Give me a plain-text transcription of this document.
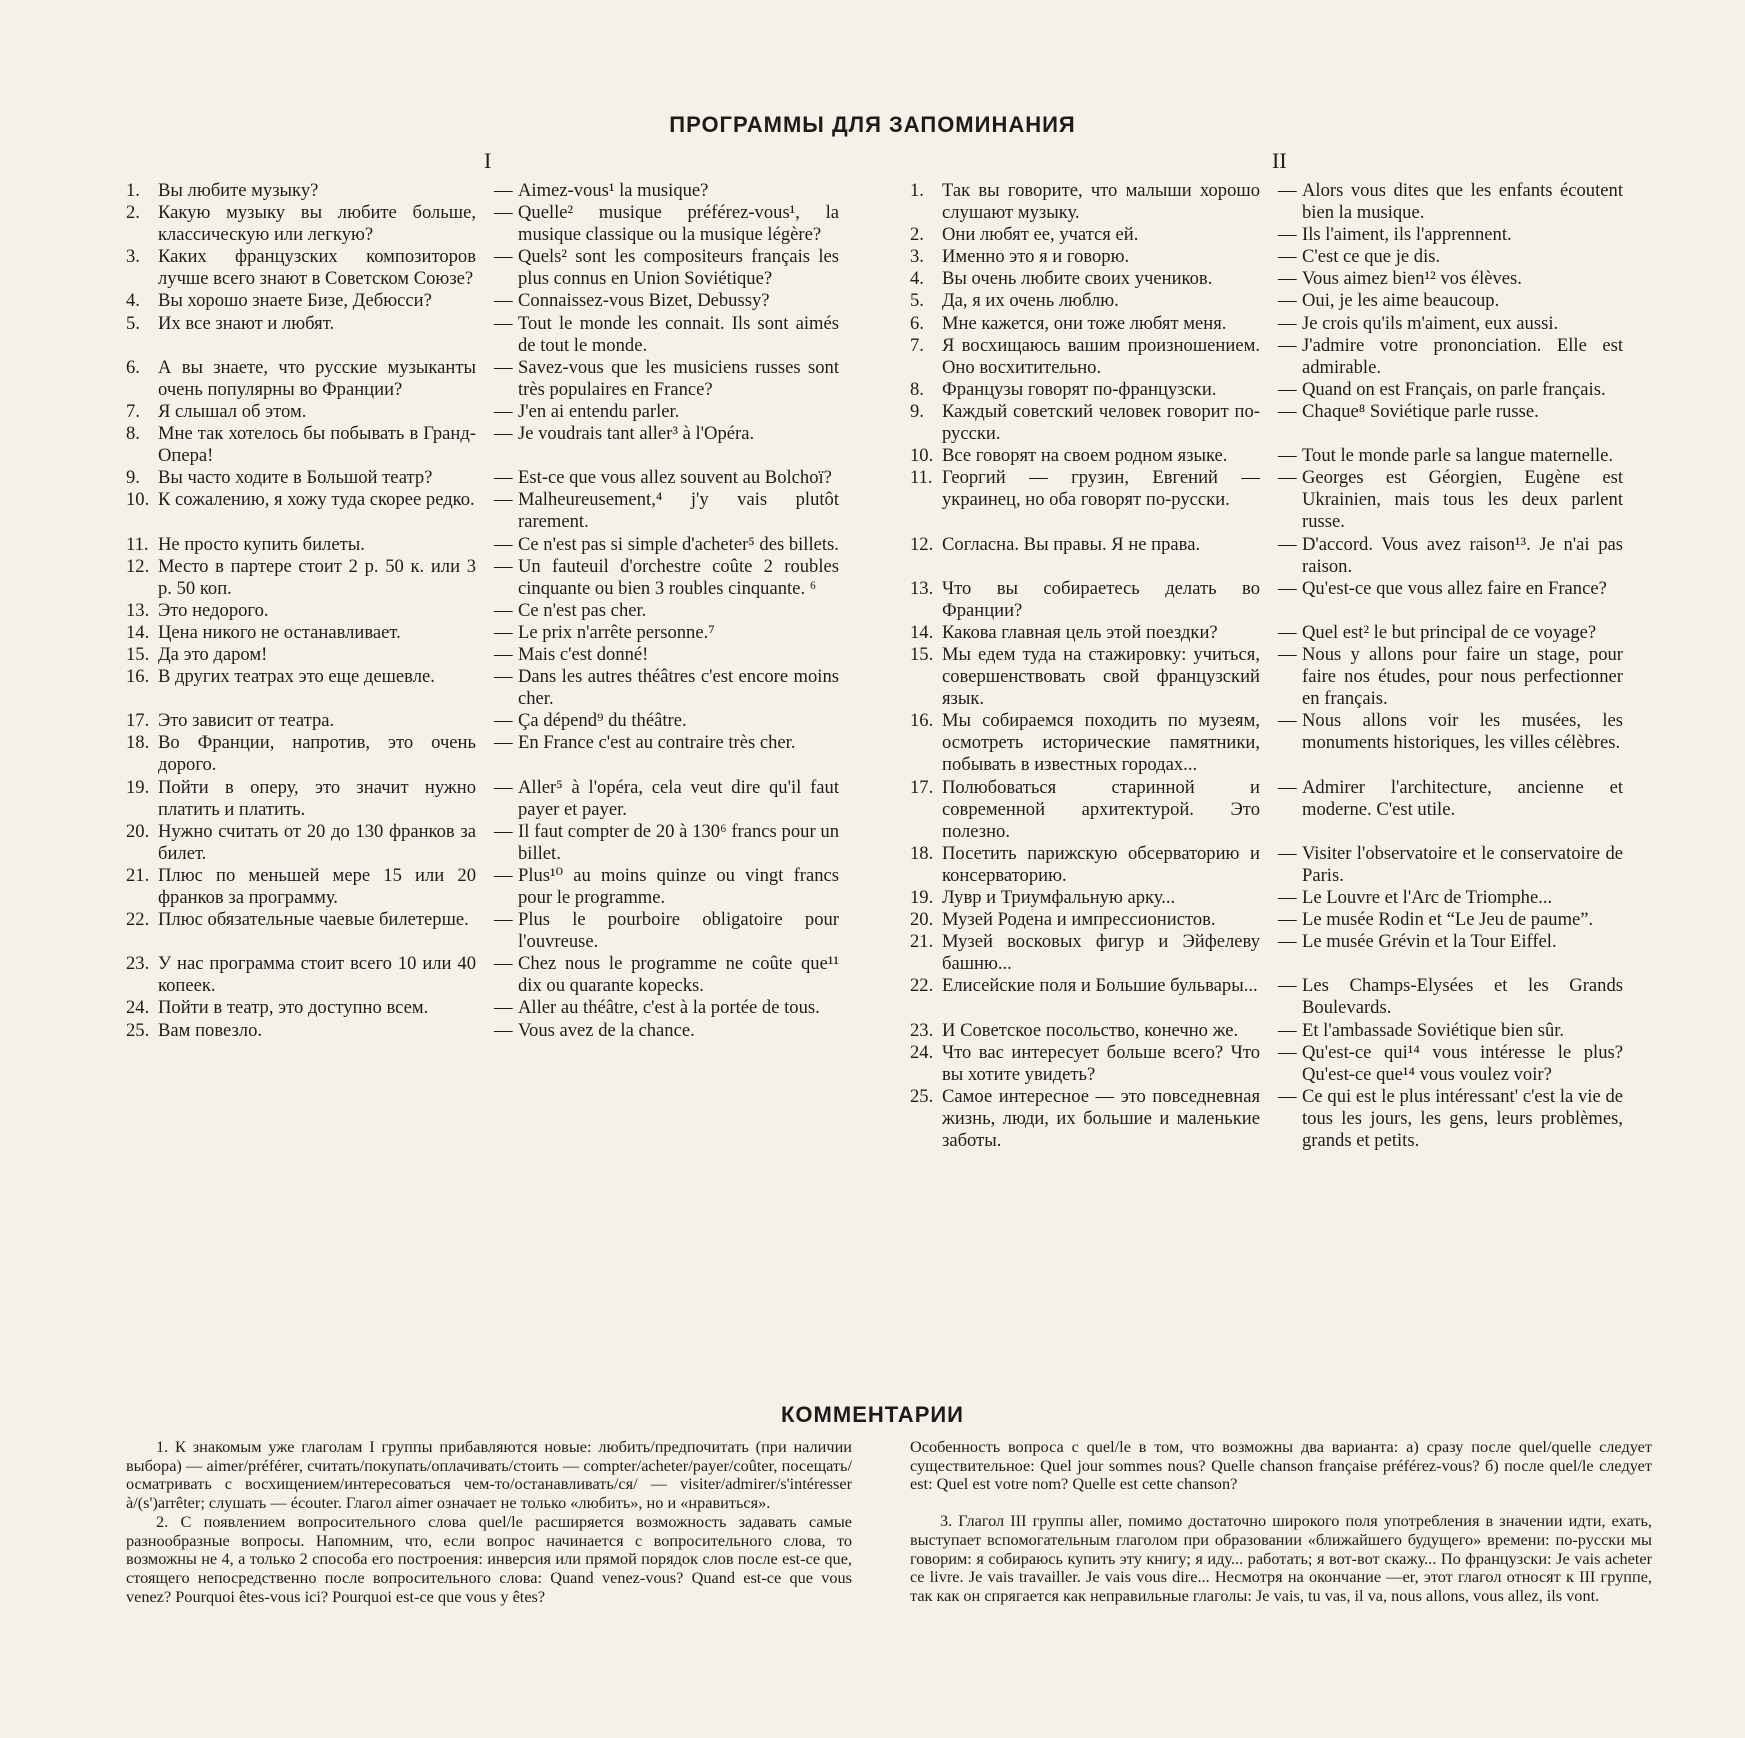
ПРОГРАММЫ ДЛЯ ЗАПОМИНАНИЯ
I	II
1. Вы любите музыку?	— Aimez-vous¹ la musique?
2. Какую музыку вы любите больше, классическую или легкую?
— Quelle² musique préférez-vous¹, la musique classique ou la musique légère?
3. Каких французских композиторов лучше всего знают в Советском Союзе?
— Quels² sont les compositeurs français les plus connus en Union Soviétique?
4. Вы хорошо знаете Бизе, Дебюсси?	— Connaissez-vous Bizet, Debussy?
5. Их все знают и любят.	— Tout le monde les connait. Ils sont aimés de tout le monde.
6. А вы знаете, что русские музыканты очень популярны во Франции?
— Savez-vous que les musiciens russes sont très populaires en France?
7. Я слышал об этом.	— J'en ai entendu parler.
8. Мне так хотелось бы побывать в Гранд-Опера!
— Je voudrais tant aller³ à l'Opéra.
9. Вы часто ходите в Большой театр?	— Est-ce que vous allez souvent au Bolchoï?
10. К сожалению, я хожу туда скорее редко.	— Malheureusement,⁴ j'y vais plutôt rarement.
11. Не просто купить билеты.	— Ce n'est pas si simple d'acheter⁵ des billets.
12. Место в партере стоит 2 р. 50 к. или 3 р. 50 коп.
— Un fauteuil d'orchestre coûte 2 roubles cinquante ou bien 3 roubles cinquante. ⁶
13. Это недорого.	— Ce n'est pas cher.
14. Цена никого не останавливает.	— Le prix n'arrête personne.⁷
15. Да это даром!	— Mais c'est donné!
16. В других театрах это еще дешевле.	— Dans les autres théâtres c'est encore moins cher.
17. Это зависит от театра.	— Ça dépend⁹ du théâtre.
18. Во Франции, напротив, это очень дорого.
— En France c'est au contraire très cher.
19. Пойти в оперу, это значит нужно платить и платить.
— Aller⁵ à l'opéra, cela veut dire qu'il faut payer et payer.
20. Нужно считать от 20 до 130 франков за билет.
— Il faut compter de 20 à 130⁶ francs pour un billet.
21. Плюс по меньшей мере 15 или 20 франков за программу.
— Plus¹⁰ au moins quinze ou vingt francs pour le programme.
22. Плюс обязательные чаевые билетерше.	— Plus le pourboire obligatoire pour l'ouvreuse.
23. У нас программа стоит всего 10 или 40 копеек.
— Chez nous le programme ne coûte que¹¹ dix ou quarante kopecks.
24. Пойти в театр, это доступно всем.	— Aller au théâtre, c'est à la portée de tous.
25. Вам повезло.	— Vous avez de la chance.
1. Так вы говорите, что малыши хорошо слушают музыку.
— Alors vous dites que les enfants écoutent bien la musique.
2. Они любят ее, учатся ей.	— Ils l'aiment, ils l'apprennent.
3. Именно это я и говорю.	— C'est ce que je dis.
4. Вы очень любите своих учеников.	— Vous aimez bien¹² vos élèves.
5. Да, я их очень люблю.	— Oui, je les aime beaucoup.
6. Мне кажется, они тоже любят меня.	— Je crois qu'ils m'aiment, eux aussi.
7. Я восхищаюсь вашим произношением. Оно восхитительно.
— J'admire votre prononciation. Elle est admirable.
8. Французы говорят по-французски.	— Quand on est Français, on parle français.
9. Каждый советский человек говорит по-русски.
— Chaque⁸ Soviétique parle russe.
10. Все говорят на своем родном языке.	— Tout le monde parle sa langue maternelle.
11. Георгий — грузин, Евгений — украинец, но оба говорят по-русски.
— Georges est Géorgien, Eugène est Ukrainien, mais tous les deux parlent russe.
12. Согласна. Вы правы. Я не права.	— D'accord. Vous avez raison¹³. Je n'ai pas raison.
13. Что вы собираетесь делать во Франции?
— Qu'est-ce que vous allez faire en France?
14. Какова главная цель этой поездки?	— Quel est² le but principal de ce voyage?
15. Мы едем туда на стажировку: учиться, совершенствовать свой французский язык.
— Nous y allons pour faire un stage, pour faire nos études, pour nous perfectionner en français.
16. Мы собираемся походить по музеям, осмотреть исторические памятники, побывать в известных городах...
— Nous allons voir les musées, les monuments historiques, les villes célèbres.
17. Полюбоваться старинной и современной архитектурой. Это полезно.
— Admirer l'architecture, ancienne et moderne. C'est utile.
18. Посетить парижскую обсерваторию и консерваторию.
— Visiter l'observatoire et le conservatoire de Paris.
19. Лувр и Триумфальную арку...	— Le Louvre et l'Arc de Triomphe...
20. Музей Родена и импрессионистов.	— Le musée Rodin et “Le Jeu de paume”.
21. Музей восковых фигур и Эйфелеву башню...
— Le musée Grévin et la Tour Eiffel.
22. Елисейские поля и Большие бульвары...	— Les Champs-Elysées et les Grands Boulevards.
23. И Советское посольство, конечно же.	— Et l'ambassade Soviétique bien sûr.
24. Что вас интересует больше всего? Что вы хотите увидеть?
— Qu'est-ce qui¹⁴ vous intéresse le plus? Qu'est-ce que¹⁴ vous voulez voir?
25. Самое интересное — это повседневная жизнь, люди, их большие и маленькие заботы.
— Ce qui est le plus intéressant' c'est la vie de tous les jours, les gens, leurs problèmes, grands et petits.
КОММЕНТАРИИ

1. К знакомым уже глаголам I группы прибавляются новые: любить/предпочитать (при наличии выбора) — aimer/préférer, считать/покупать/оплачивать/стоить — compter/acheter/payer/coûter, посещать/осматривать с восхищением/интересоваться чем-то/останавливать/ся/ — visiter/admirer/s'intéresser à/(s')arrêter; слушать — écouter. Глагол aimer означает не только «любить», но и «нравиться».

2. С появлением вопросительного слова quel/le расширяется возможность задавать самые разнообразные вопросы. Напомним, что, если вопрос начинается с вопросительного слова, то возможны не 4, а только 2 способа его построения: инверсия или прямой порядок слов после est-ce que, стоящего непосредственно после вопросительного слова: Quand venez-vous? Quand est-ce que vous venez? Pourquoi êtes-vous ici? Pourquoi est-ce que vous y êtes?

Особенность вопроса с quel/le в том, что возможны два варианта: а) сразу после quel/quelle следует существительное: Quel jour sommes nous? Quelle chanson française préférez-vous? б) после quel/le следует est: Quel est votre nom? Quelle est cette chanson?

3. Глагол III группы aller, помимо достаточно широкого поля употребления в значении идти, ехать, выступает вспомогательным глаголом при образовании «ближайшего будущего» времени: по-русски мы говорим: я собираюсь купить эту книгу; я иду... работать; я вот-вот скажу... По французски: Je vais acheter ce livre. Je vais travailler. Je vais vous dire... Несмотря на окончание —er, этот глагол относят к III группе, так как он спрягается как неправильные глаголы: Je vais, tu vas, il va, nous allons, vous allez, ils vont.
